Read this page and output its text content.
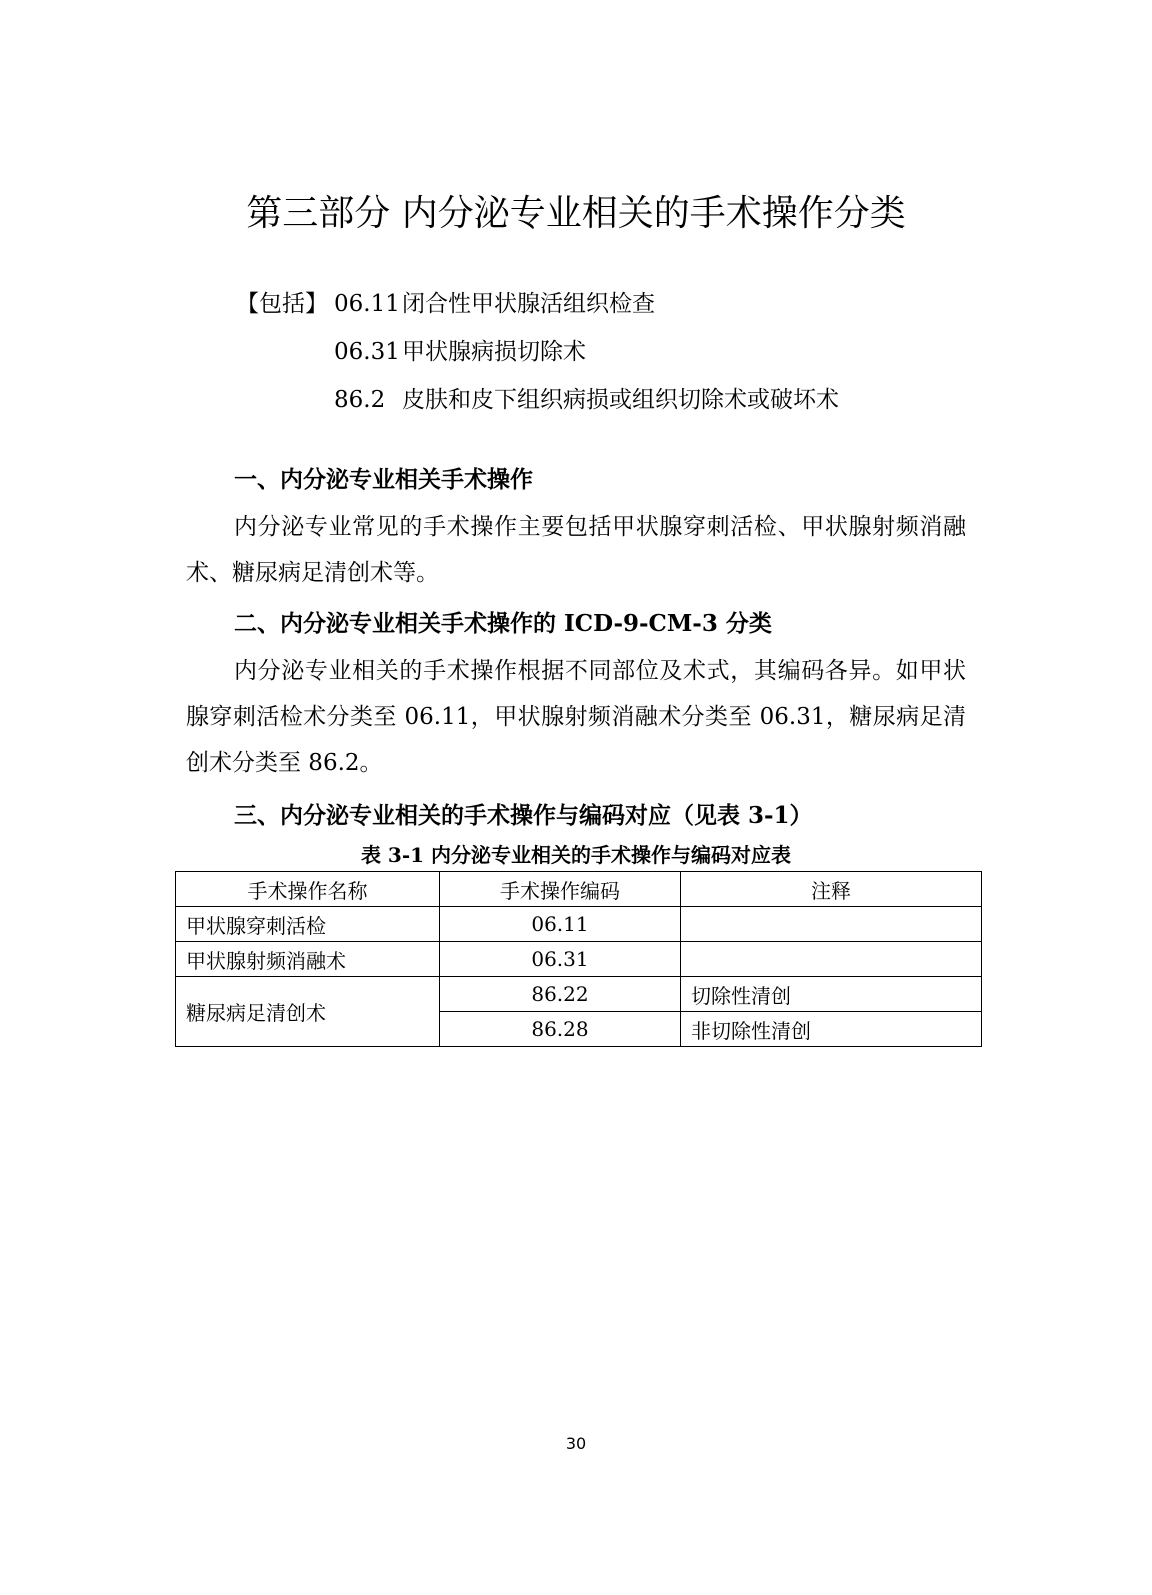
第三部分 内分泌专业相关的手术操作分类
【包括】 06.11 闭合性甲状腺活组织检查
06.31 甲状腺病损切除术
86.2 皮肤和皮下组织病损或组织切除术或破坏术

一、内分泌专业相关手术操作

内分泌专业常见的手术操作主要包括甲状腺穿刺活检、甲状腺射频消融术、糖尿病足清创术等。

二、内分泌专业相关手术操作的 ICD-9-CM-3 分类

内分泌专业相关的手术操作根据不同部位及术式，其编码各异。如甲状腺穿刺活检术分类至 06.11，甲状腺射频消融术分类至 06.31，糖尿病足清创术分类至 86.2。

三、内分泌专业相关的手术操作与编码对应（见表 3-1）

表 3-1 内分泌专业相关的手术操作与编码对应表
手术操作名称	手术操作编码	注释
甲状腺穿刺活检	06.11	
甲状腺射频消融术	06.31	
糖尿病足清创术	86.22	切除性清创
	86.28	非切除性清创
30
